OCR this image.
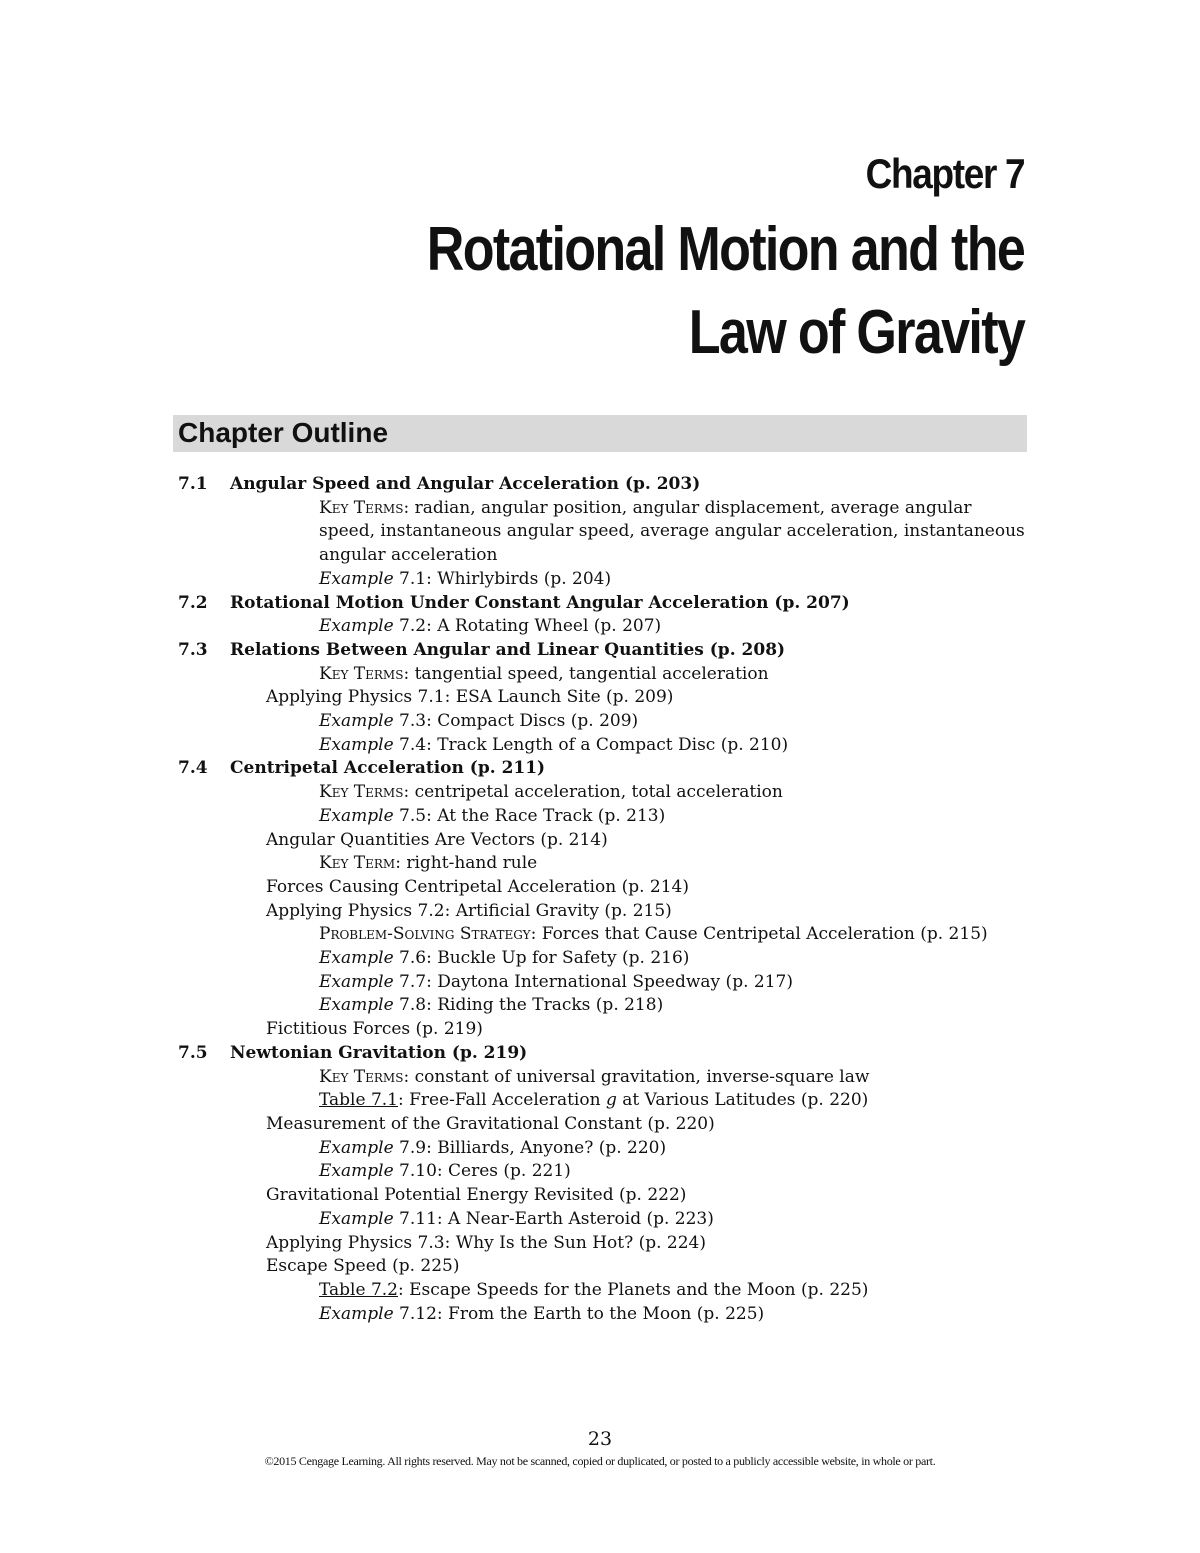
Chapter 7
Rotational Motion and the
Law of Gravity
Chapter Outline
7.1 Angular Speed and Angular Acceleration (p. 203)
Key Terms: radian, angular position, angular displacement, average angular speed, instantaneous angular speed, average angular acceleration, instantaneous angular acceleration
Example 7.1: Whirlybirds (p. 204)
7.2 Rotational Motion Under Constant Angular Acceleration (p. 207)
Example 7.2: A Rotating Wheel (p. 207)
7.3 Relations Between Angular and Linear Quantities (p. 208)
Key Terms: tangential speed, tangential acceleration
Applying Physics 7.1: ESA Launch Site (p. 209)
Example 7.3: Compact Discs (p. 209)
Example 7.4: Track Length of a Compact Disc (p. 210)
7.4 Centripetal Acceleration (p. 211)
Key Terms: centripetal acceleration, total acceleration
Example 7.5: At the Race Track (p. 213)
Angular Quantities Are Vectors (p. 214)
Key Term: right-hand rule
Forces Causing Centripetal Acceleration (p. 214)
Applying Physics 7.2: Artificial Gravity (p. 215)
Problem-Solving Strategy: Forces that Cause Centripetal Acceleration (p. 215)
Example 7.6: Buckle Up for Safety (p. 216)
Example 7.7: Daytona International Speedway (p. 217)
Example 7.8: Riding the Tracks (p. 218)
Fictitious Forces (p. 219)
7.5 Newtonian Gravitation (p. 219)
Key Terms: constant of universal gravitation, inverse-square law
Table 7.1: Free-Fall Acceleration g at Various Latitudes (p. 220)
Measurement of the Gravitational Constant (p. 220)
Example 7.9: Billiards, Anyone? (p. 220)
Example 7.10: Ceres (p. 221)
Gravitational Potential Energy Revisited (p. 222)
Example 7.11: A Near-Earth Asteroid (p. 223)
Applying Physics 7.3: Why Is the Sun Hot? (p. 224)
Escape Speed (p. 225)
Table 7.2: Escape Speeds for the Planets and the Moon (p. 225)
Example 7.12: From the Earth to the Moon (p. 225)
23
©2015 Cengage Learning. All rights reserved. May not be scanned, copied or duplicated, or posted to a publicly accessible website, in whole or part.
